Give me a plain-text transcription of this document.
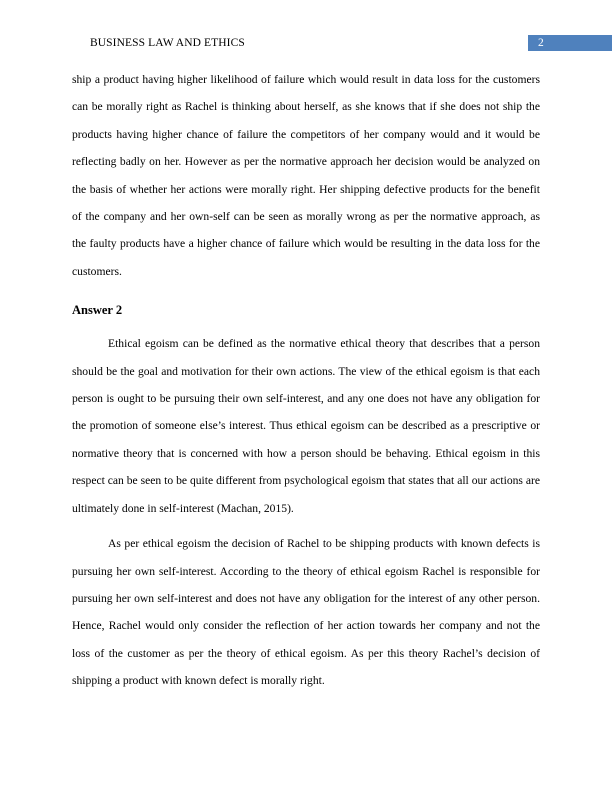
BUSINESS LAW AND ETHICS	2

ship a product having higher likelihood of failure which would result in data loss for the customers can be morally right as Rachel is thinking about herself, as she knows that if she does not ship the products having higher chance of failure the competitors of her company would and it would be reflecting badly on her. However as per the normative approach her decision would be analyzed on the basis of whether her actions were morally right. Her shipping defective products for the benefit of the company and her own-self can be seen as morally wrong as per the normative approach, as the faulty products have a higher chance of failure which would be resulting in the data loss for the customers.

Answer 2

Ethical egoism can be defined as the normative ethical theory that describes that a person should be the goal and motivation for their own actions. The view of the ethical egoism is that each person is ought to be pursuing their own self-interest, and any one does not have any obligation for the promotion of someone else’s interest. Thus ethical egoism can be described as a prescriptive or normative theory that is concerned with how a person should be behaving. Ethical egoism in this respect can be seen to be quite different from psychological egoism that states that all our actions are ultimately done in self-interest (Machan, 2015).

As per ethical egoism the decision of Rachel to be shipping products with known defects is pursuing her own self-interest. According to the theory of ethical egoism Rachel is responsible for pursuing her own self-interest and does not have any obligation for the interest of any other person. Hence, Rachel would only consider the reflection of her action towards her company and not the loss of the customer as per the theory of ethical egoism. As per this theory Rachel’s decision of shipping a product with known defect is morally right.
